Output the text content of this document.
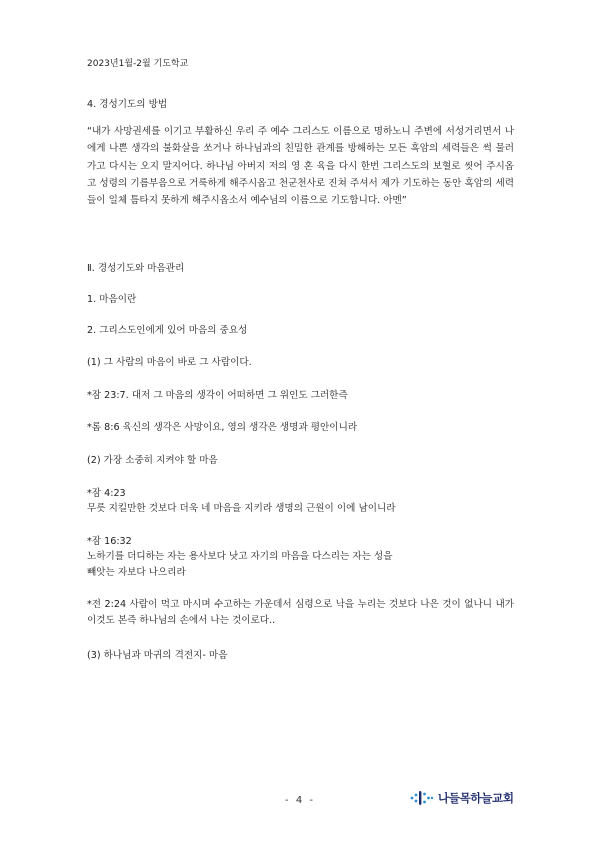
2023년1월-2월 기도학교
4. 경성기도의 방법
“내가 사망권세를 이기고 부활하신 우리 주 예수 그리스도 이름으로 명하노니 주변에 서성거리면서 나에게 나쁜 생각의 불화살을 쏘거나 하나님과의 친밀한 관계를 방해하는 모든 흑암의 세력들은 썩 물러가고 다시는 오지 말지어다. 하나님 아버지 저의 영 혼 육을 다시 한번 그리스도의 보혈로 씻어 주시옵고 성령의 기름부음으로 거룩하게 해주시옵고 천군천사로 진쳐 주셔서 제가 기도하는 동안 흑암의 세력들이 일체 틈타지 못하게 해주시옵소서 예수님의 이름으로 기도합니다. 아멘”
Ⅱ. 경성기도와 마음관리
1. 마음이란
2. 그리스도인에게 있어 마음의 중요성
(1) 그 사람의 마음이 바로 그 사람이다.
*잠 23:7. 대저 그 마음의 생각이 어떠하면 그 위인도 그러한즉
*롬 8:6 육신의 생각은 사망이요, 영의 생각은 생명과 평안이니라
(2) 가장 소중히 지켜야 할 마음
*잠 4:23
무릇 지킬만한 것보다 더욱 네 마음을 지키라 생명의 근원이 이에 남이니라
*잠 16:32
노하기를 더디하는 자는 용사보다 낫고 자기의 마음을 다스리는 자는 성을
빼앗는 자보다 나으리라
*전 2:24 사람이 먹고 마시며 수고하는 가운데서 심령으로 낙을 누리는 것보다 나은 것이 없나니 내가 이것도 본즉 하나님의 손에서 나는 것이로다..
(3) 하나님과 마귀의 격전지- 마음
- 4 -	나들목하늘교회
